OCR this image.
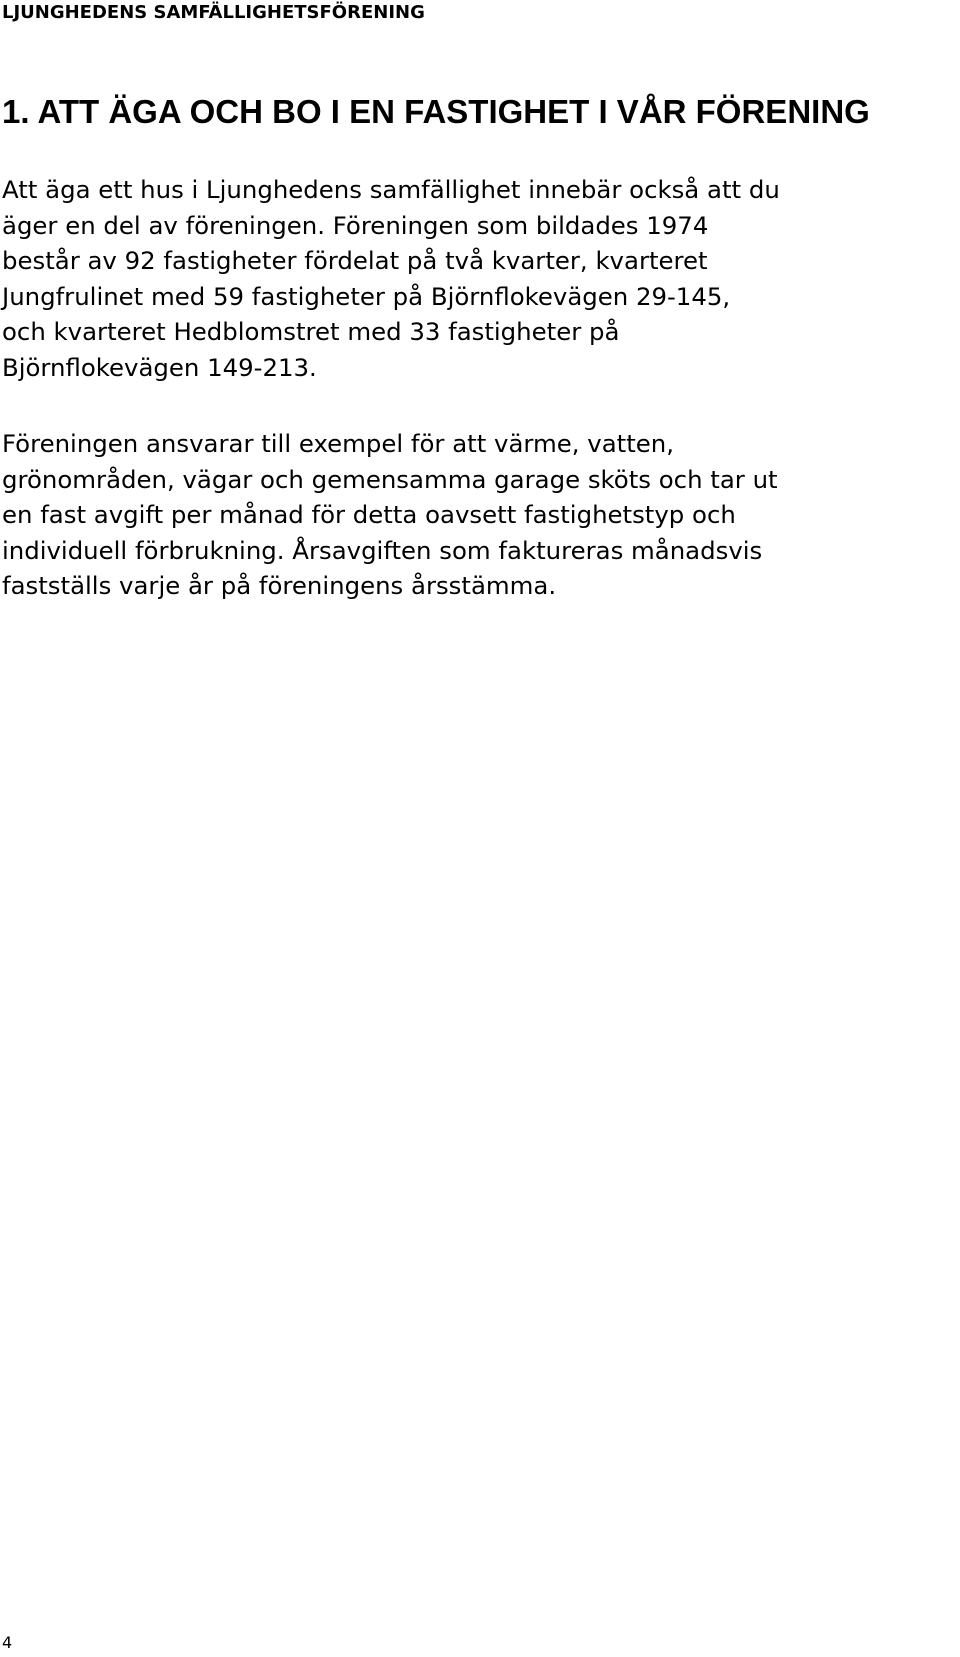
LJUNGHEDENS SAMFÄLLIGHETSFÖRENING
1. ATT ÄGA OCH BO I EN FASTIGHET I VÅR FÖRENING

Att äga ett hus i Ljunghedens samfällighet innebär också att du
äger en del av föreningen. Föreningen som bildades 1974
består av 92 fastigheter fördelat på två kvarter, kvarteret
Jungfrulinet med 59 fastigheter på Björnflokevägen 29-145,
och kvarteret Hedblomstret med 33 fastigheter på
Björnflokevägen 149-213.

Föreningen ansvarar till exempel för att värme, vatten,
grönområden, vägar och gemensamma garage sköts och tar ut
en fast avgift per månad för detta oavsett fastighetstyp och
individuell förbrukning. Årsavgiften som faktureras månadsvis
fastställs varje år på föreningens årsstämma.

4
